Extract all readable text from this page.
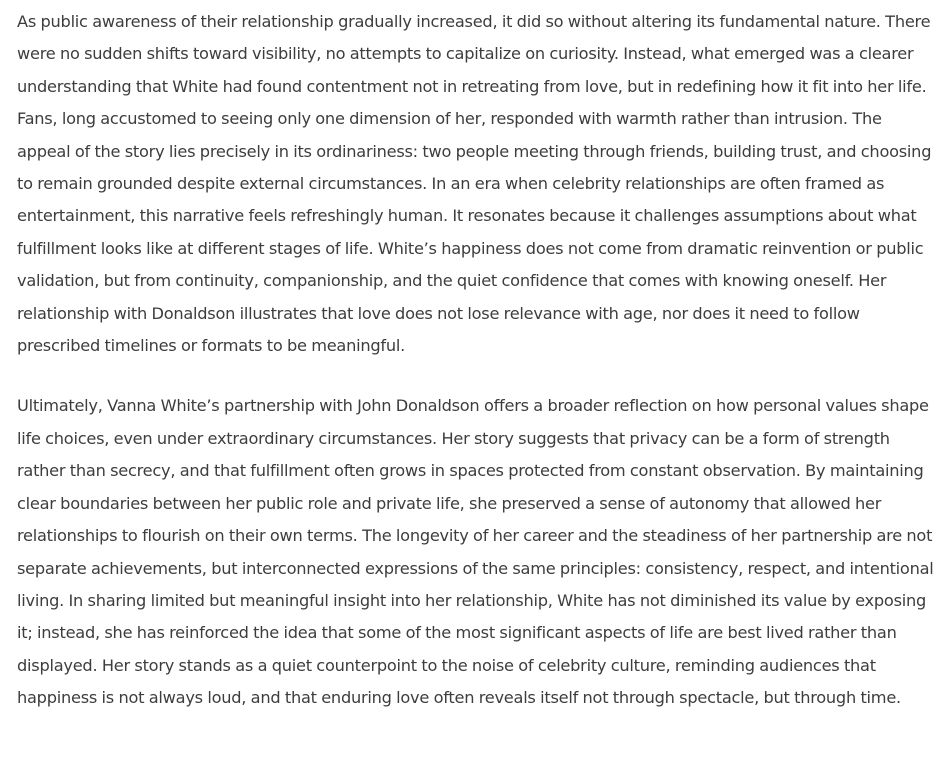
As public awareness of their relationship gradually increased, it did so without altering its fundamental nature. There were no sudden shifts toward visibility, no attempts to capitalize on curiosity. Instead, what emerged was a clearer understanding that White had found contentment not in retreating from love, but in redefining how it fit into her life. Fans, long accustomed to seeing only one dimension of her, responded with warmth rather than intrusion. The appeal of the story lies precisely in its ordinariness: two people meeting through friends, building trust, and choosing to remain grounded despite external circumstances. In an era when celebrity relationships are often framed as entertainment, this narrative feels refreshingly human. It resonates because it challenges assumptions about what fulfillment looks like at different stages of life. White’s happiness does not come from dramatic reinvention or public validation, but from continuity, companionship, and the quiet confidence that comes with knowing oneself. Her relationship with Donaldson illustrates that love does not lose relevance with age, nor does it need to follow prescribed timelines or formats to be meaningful.

Ultimately, Vanna White’s partnership with John Donaldson offers a broader reflection on how personal values shape life choices, even under extraordinary circumstances. Her story suggests that privacy can be a form of strength rather than secrecy, and that fulfillment often grows in spaces protected from constant observation. By maintaining clear boundaries between her public role and private life, she preserved a sense of autonomy that allowed her relationships to flourish on their own terms. The longevity of her career and the steadiness of her partnership are not separate achievements, but interconnected expressions of the same principles: consistency, respect, and intentional living. In sharing limited but meaningful insight into her relationship, White has not diminished its value by exposing it; instead, she has reinforced the idea that some of the most significant aspects of life are best lived rather than displayed. Her story stands as a quiet counterpoint to the noise of celebrity culture, reminding audiences that happiness is not always loud, and that enduring love often reveals itself not through spectacle, but through time.
